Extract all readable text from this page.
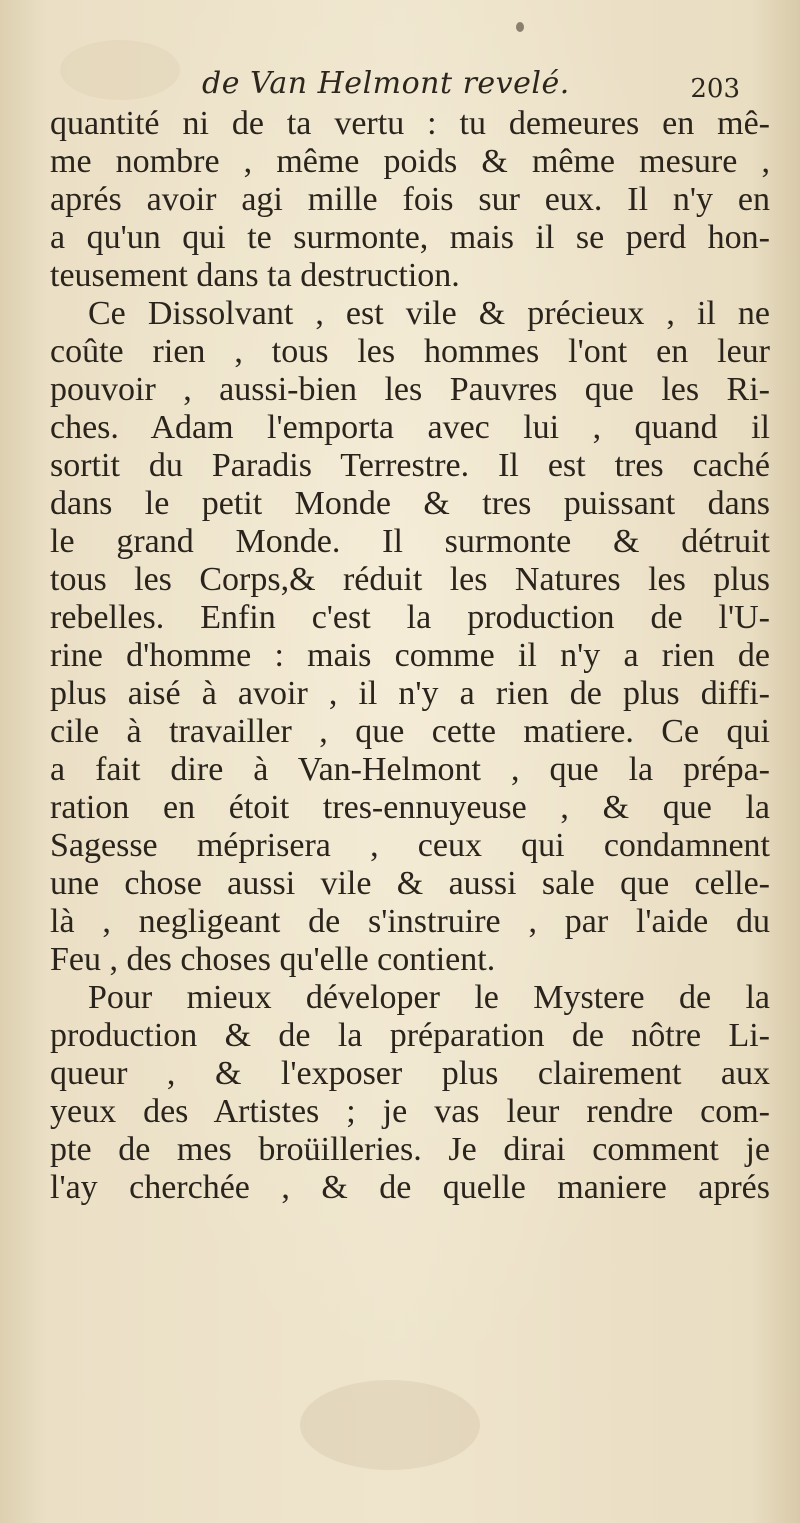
de Van Helmont revelé.	203
quantité ni de ta vertu : tu demeures en mê-
me nombre , même poids & même mesure ,
aprés avoir agi mille fois sur eux. Il n'y en
a qu'un qui te surmonte, mais il se perd hon-
teusement dans ta destruction.
Ce Dissolvant , est vile & précieux , il ne
coûte rien , tous les hommes l'ont en leur
pouvoir , aussi-bien les Pauvres que les Ri-
ches. Adam l'emporta avec lui , quand il
sortit du Paradis Terrestre. Il est tres caché
dans le petit Monde & tres puissant dans
le grand Monde. Il surmonte & détruit
tous les Corps,& réduit les Natures les plus
rebelles. Enfin c'est la production de l'U-
rine d'homme : mais comme il n'y a rien de
plus aisé à avoir , il n'y a rien de plus diffi-
cile à travailler , que cette matiere. Ce qui
a fait dire à Van-Helmont , que la prépa-
ration en étoit tres-ennuyeuse , & que la
Sagesse méprisera , ceux qui condamnent
une chose aussi vile & aussi sale que celle-
là , negligeant de s'instruire , par l'aide du
Feu , des choses qu'elle contient.
Pour mieux déveloper le Mystere de la
production & de la préparation de nôtre Li-
queur , & l'exposer plus clairement aux
yeux des Artistes ; je vas leur rendre com-
pte de mes broüilleries. Je dirai comment je
l'ay cherchée , & de quelle maniere aprés
